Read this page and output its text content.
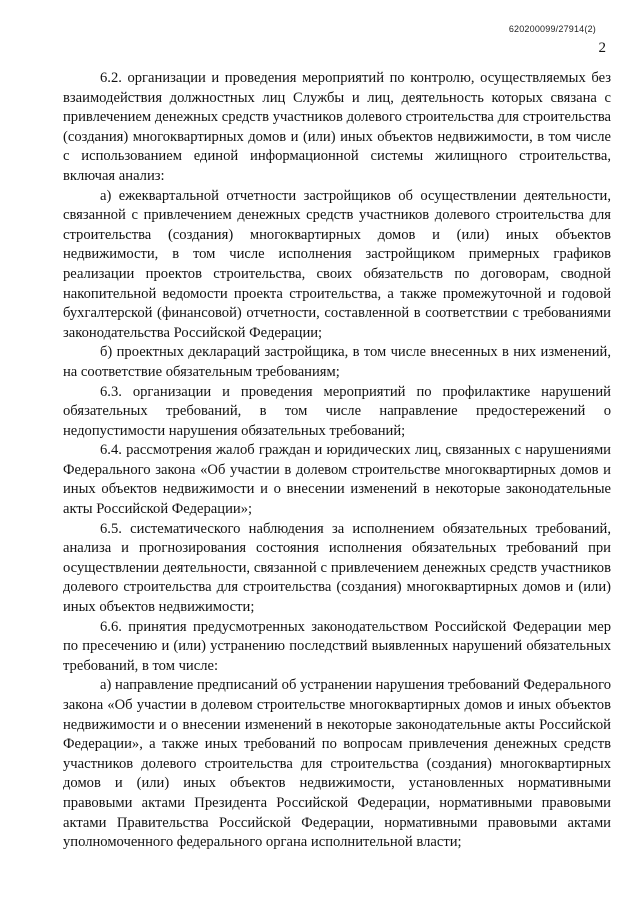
620200099/27914(2)
2

6.2. организации и проведения мероприятий по контролю, осуществляемых без взаимодействия должностных лиц Службы и лиц, деятельность которых связана с привлечением денежных средств участников долевого строительства для строительства (создания) многоквартирных домов и (или) иных объектов недвижимости, в том числе с использованием единой информационной системы жилищного строительства, включая анализ:

а) ежеквартальной отчетности застройщиков об осуществлении деятельности, связанной с привлечением денежных средств участников долевого строительства для строительства (создания) многоквартирных домов и (или) иных объектов недвижимости, в том числе исполнения застройщиком примерных графиков реализации проектов строительства, своих обязательств по договорам, сводной накопительной ведомости проекта строительства, а также промежуточной и годовой бухгалтерской (финансовой) отчетности, составленной в соответствии с требованиями законодательства Российской Федерации;

б) проектных деклараций застройщика, в том числе внесенных в них изменений, на соответствие обязательным требованиям;

6.3. организации и проведения мероприятий по профилактике нарушений обязательных требований, в том числе направление предостережений о недопустимости нарушения обязательных требований;

6.4. рассмотрения жалоб граждан и юридических лиц, связанных с нарушениями Федерального закона «Об участии в долевом строительстве многоквартирных домов и иных объектов недвижимости и о внесении изменений в некоторые законодательные акты Российской Федерации»;

6.5. систематического наблюдения за исполнением обязательных требований, анализа и прогнозирования состояния исполнения обязательных требований при осуществлении деятельности, связанной с привлечением денежных средств участников долевого строительства для строительства (создания) многоквартирных домов и (или) иных объектов недвижимости;

6.6. принятия предусмотренных законодательством Российской Федерации мер по пресечению и (или) устранению последствий выявленных нарушений обязательных требований, в том числе:

а) направление предписаний об устранении нарушения требований Федерального закона «Об участии в долевом строительстве многоквартирных домов и иных объектов недвижимости и о внесении изменений в некоторые законодательные акты Российской Федерации», а также иных требований по вопросам привлечения денежных средств участников долевого строительства для строительства (создания) многоквартирных домов и (или) иных объектов недвижимости, установленных нормативными правовыми актами Президента Российской Федерации, нормативными правовыми актами Правительства Российской Федерации, нормативными правовыми актами уполномоченного федерального органа исполнительной власти;
